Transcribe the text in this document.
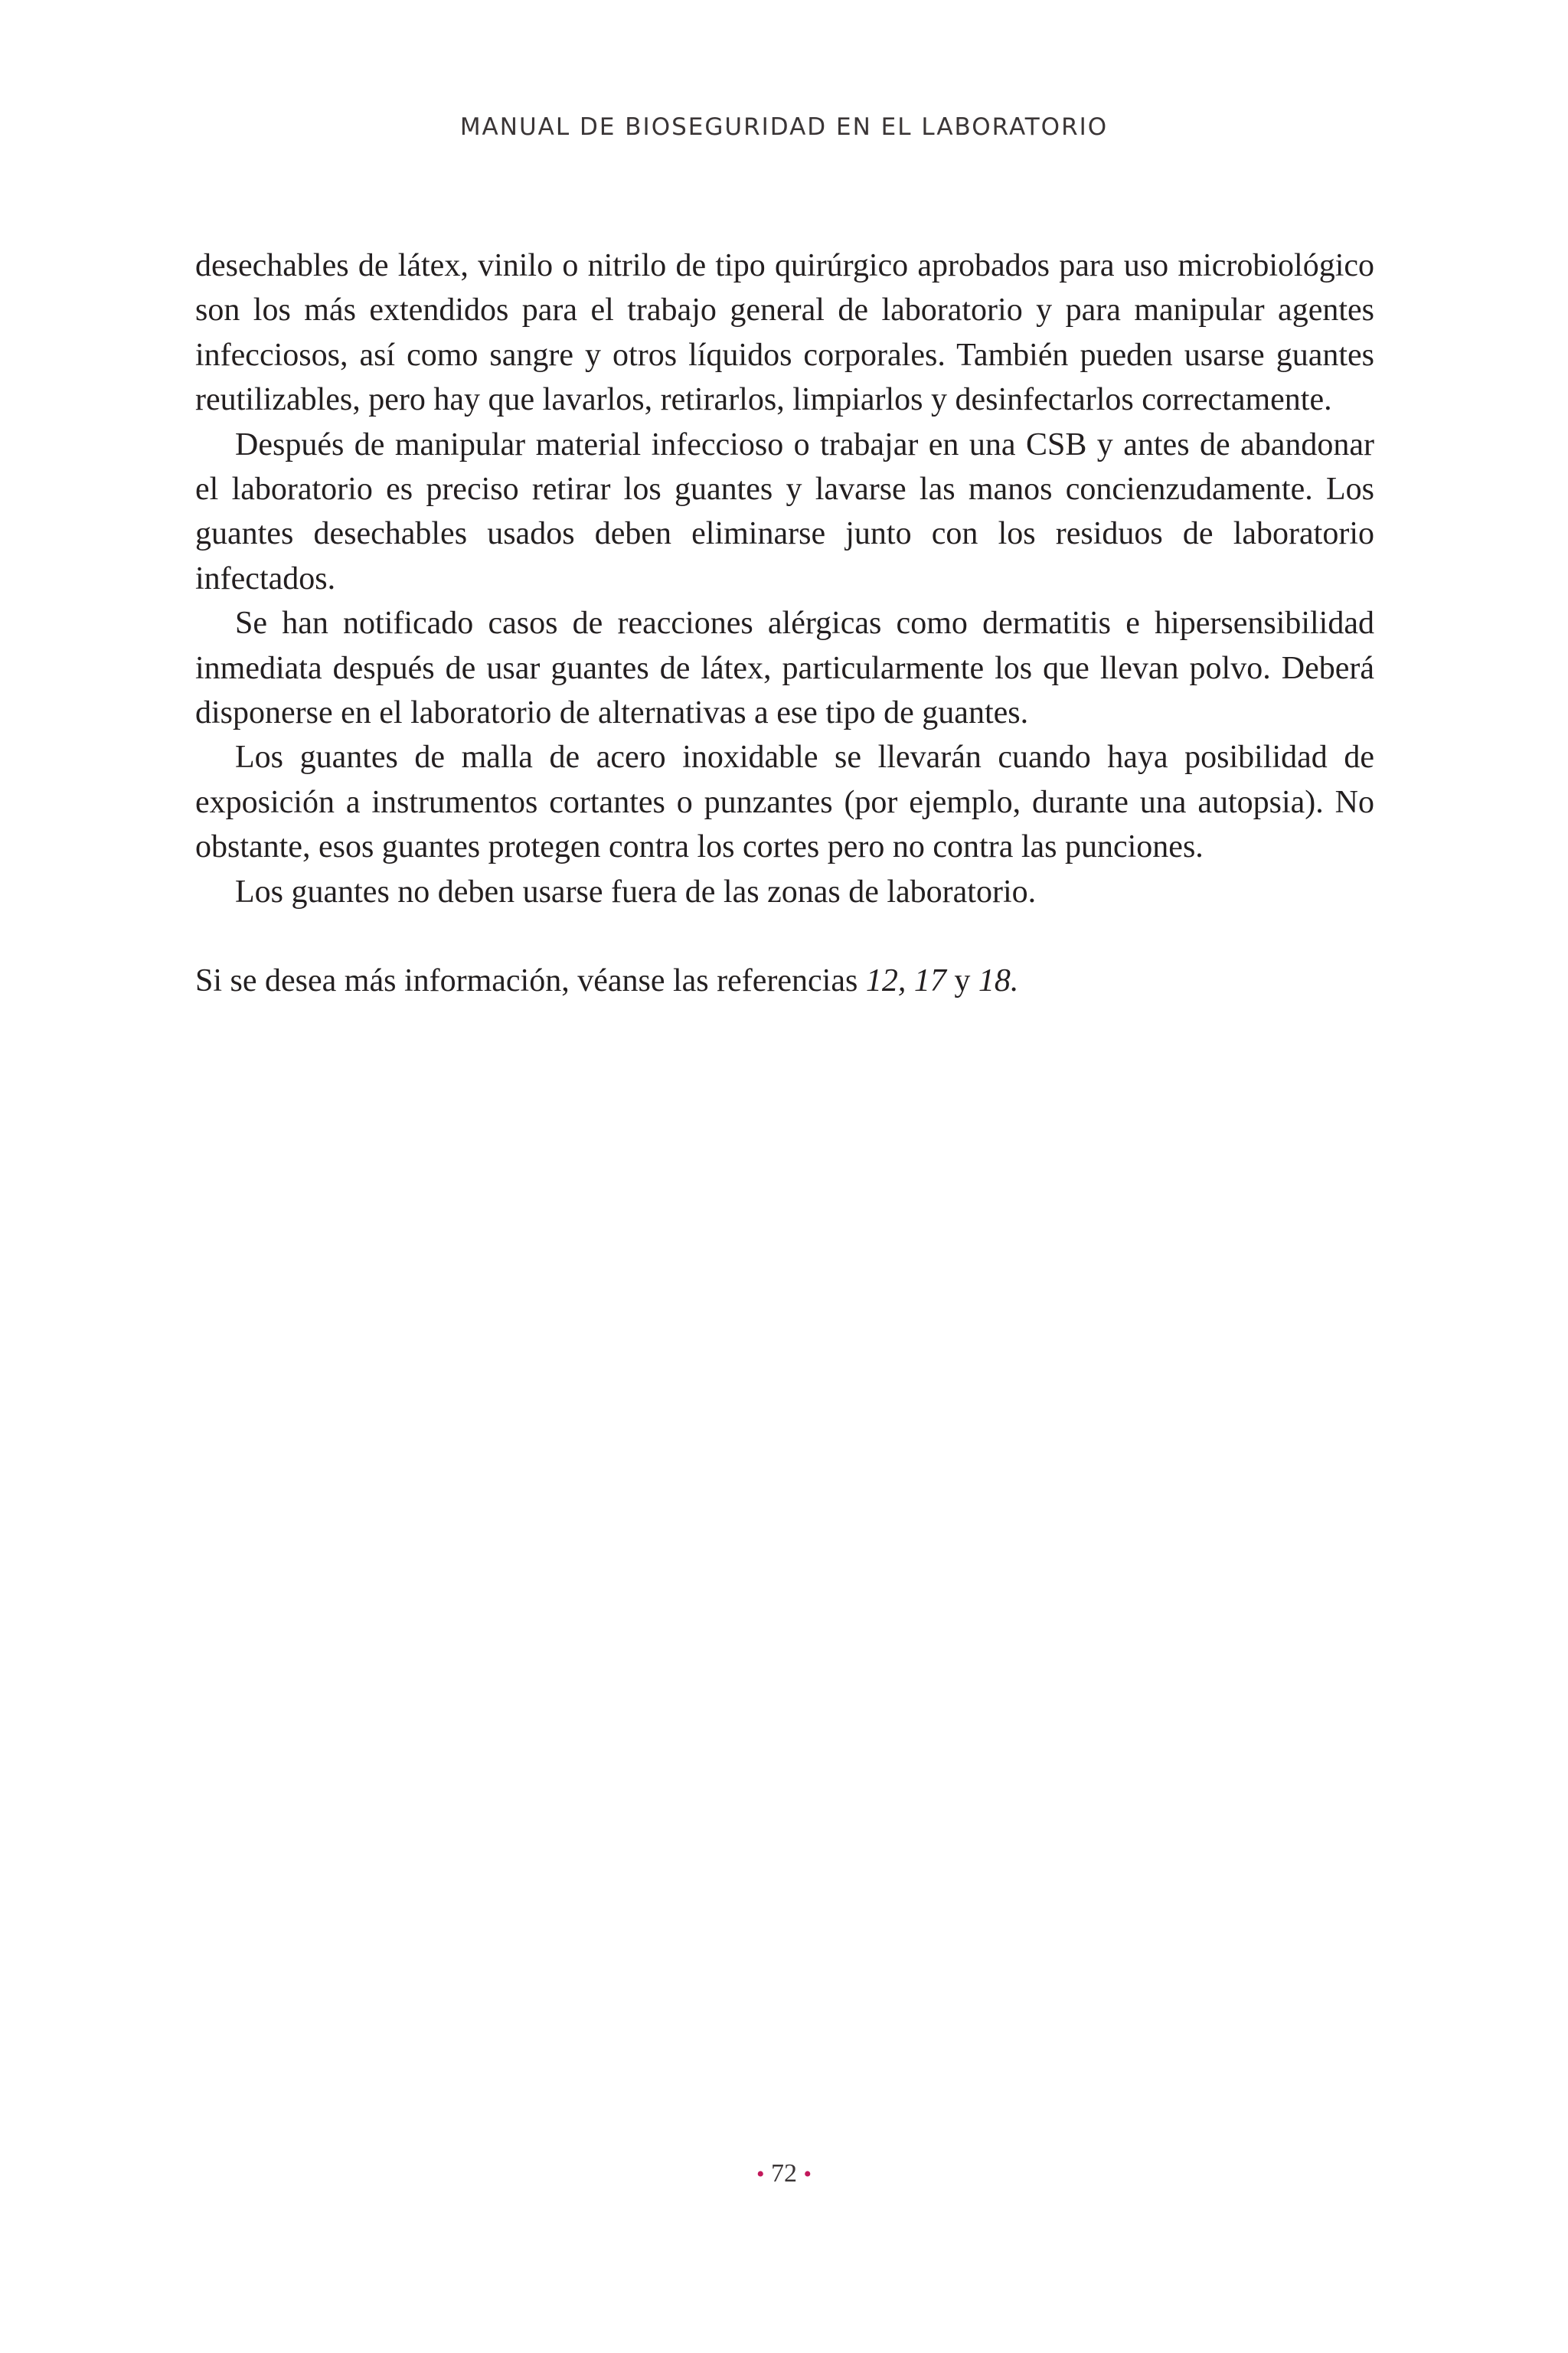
MANUAL DE BIOSEGURIDAD EN EL LABORATORIO

desechables de látex, vinilo o nitrilo de tipo quirúrgico aprobados para uso microbiológico son los más extendidos para el trabajo general de laboratorio y para manipular agentes infecciosos, así como sangre y otros líquidos corporales. También pueden usarse guantes reutilizables, pero hay que lavarlos, retirarlos, limpiarlos y desinfectarlos correctamente.

Después de manipular material infeccioso o trabajar en una CSB y antes de abandonar el laboratorio es preciso retirar los guantes y lavarse las manos concienzudamente. Los guantes desechables usados deben eliminarse junto con los residuos de laboratorio infectados.

Se han notificado casos de reacciones alérgicas como dermatitis e hipersensibilidad inmediata después de usar guantes de látex, particularmente los que llevan polvo. Deberá disponerse en el laboratorio de alternativas a ese tipo de guantes.

Los guantes de malla de acero inoxidable se llevarán cuando haya posibilidad de exposición a instrumentos cortantes o punzantes (por ejemplo, durante una autopsia). No obstante, esos guantes protegen contra los cortes pero no contra las punciones.

Los guantes no deben usarse fuera de las zonas de laboratorio.

Si se desea más información, véanse las referencias 12, 17 y 18.

• 72 •
